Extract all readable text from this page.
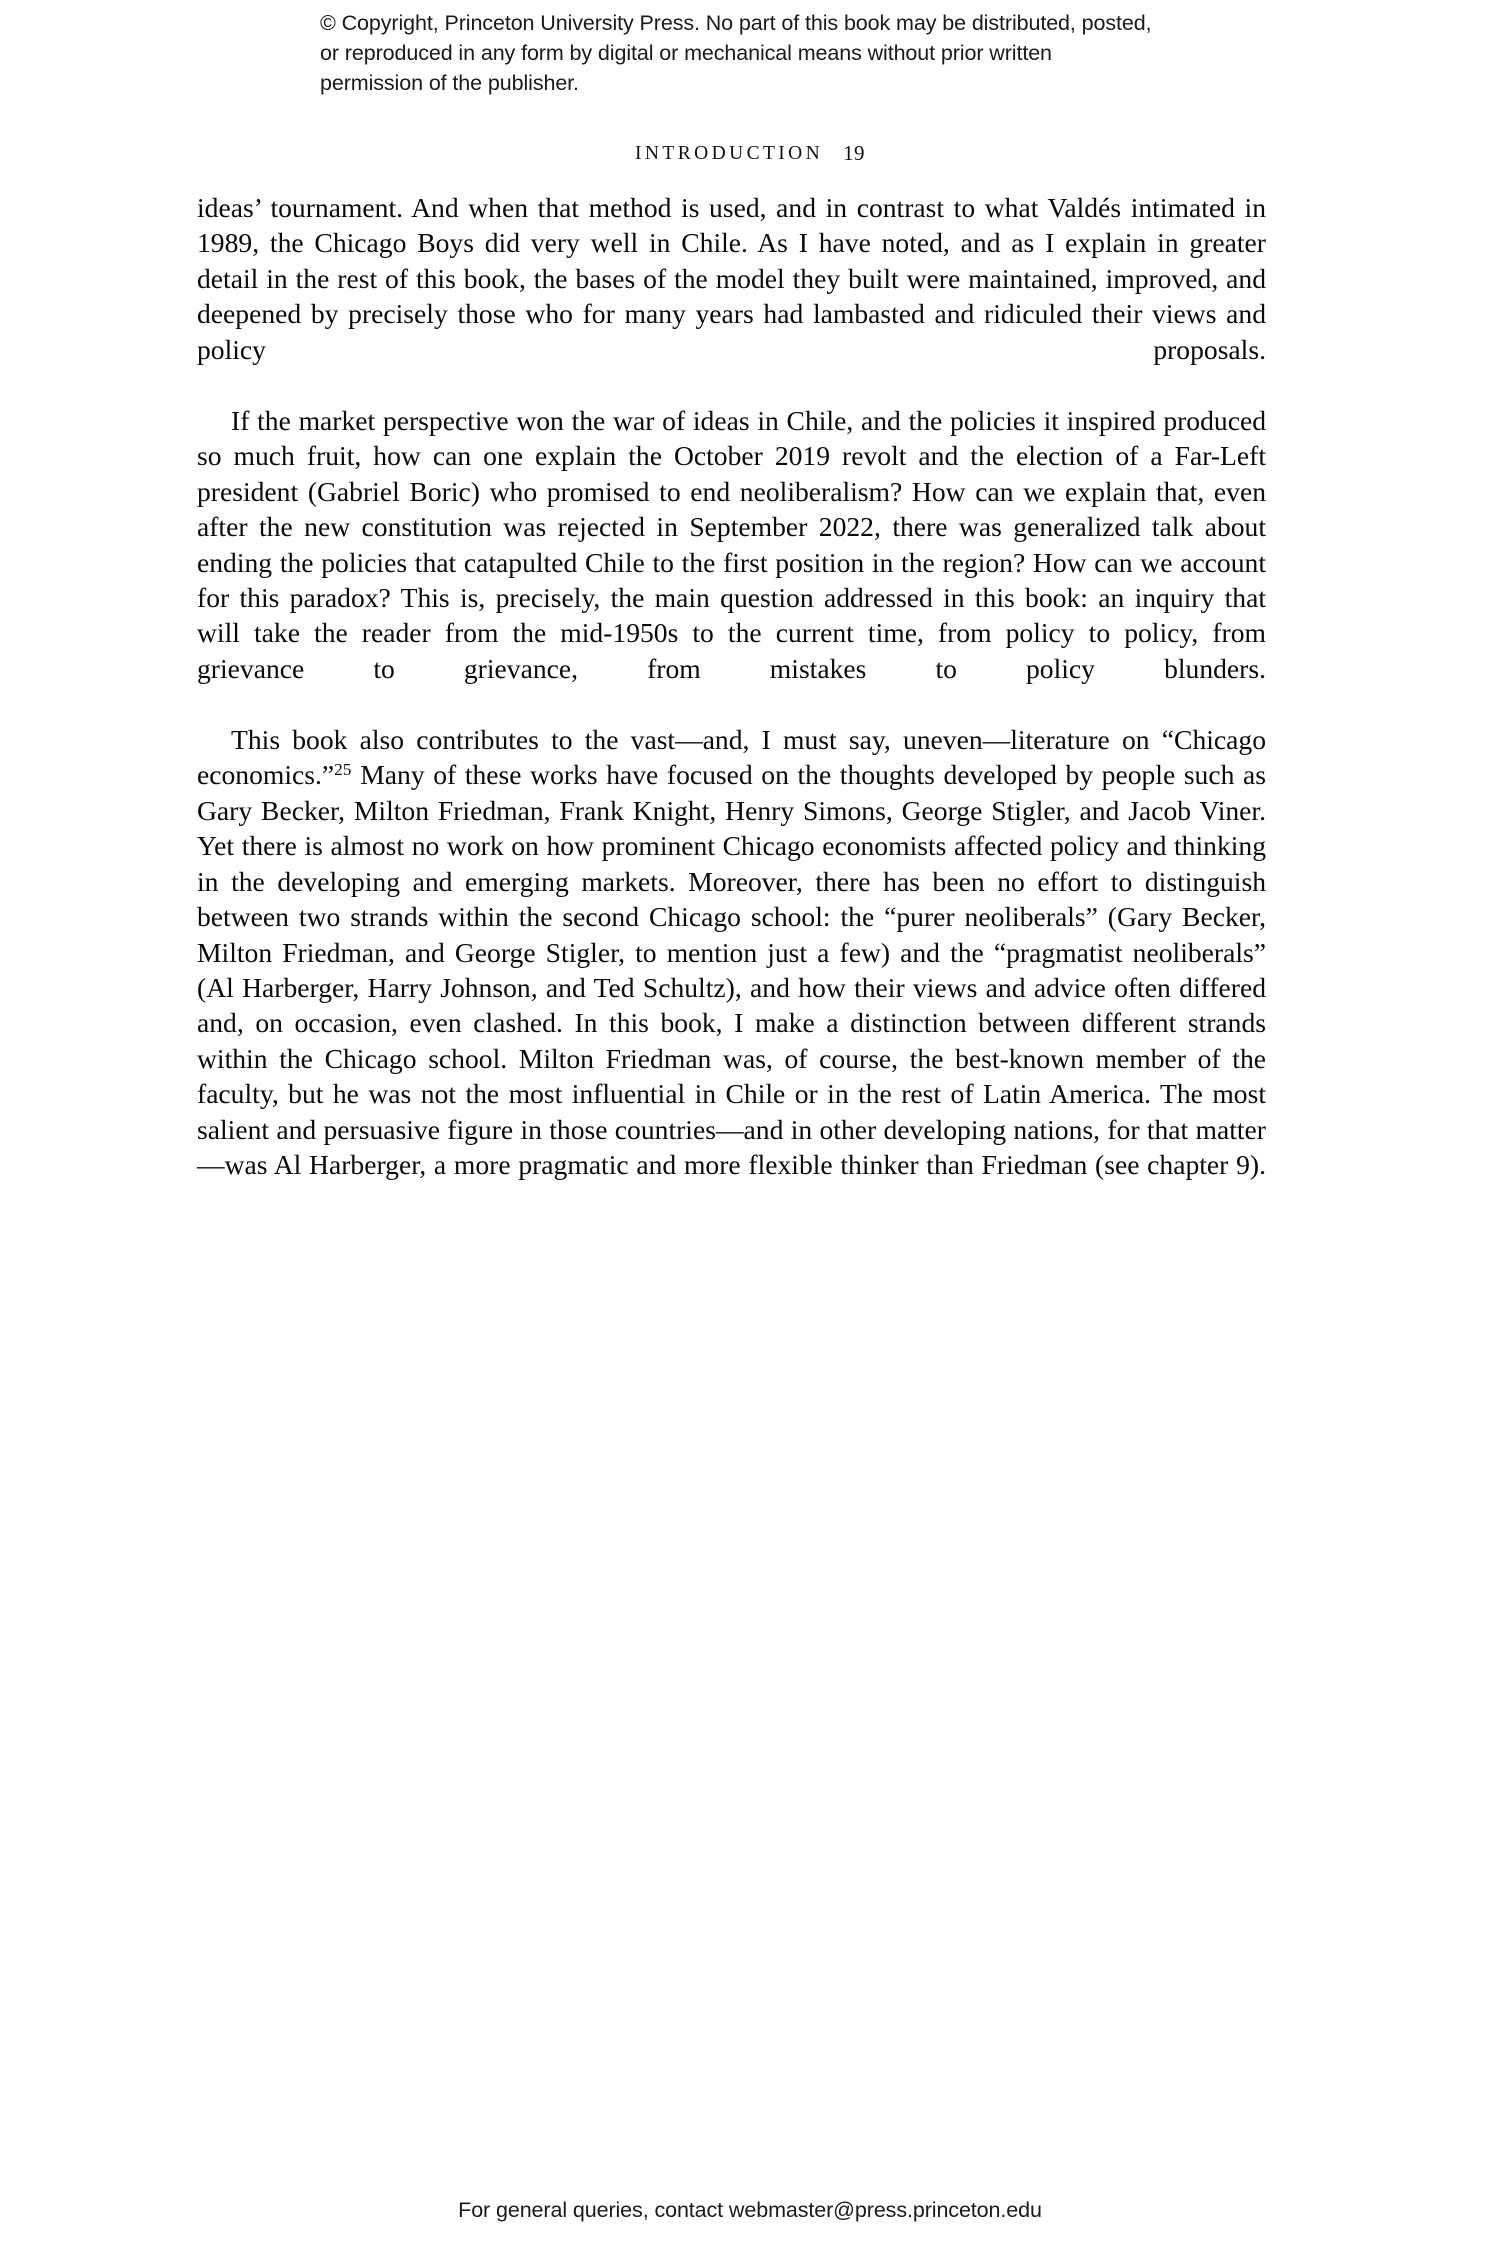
© Copyright, Princeton University Press. No part of this book may be distributed, posted, or reproduced in any form by digital or mechanical means without prior written permission of the publisher.
INTRODUCTION 19

ideas’ tournament. And when that method is used, and in contrast to what Valdés intimated in 1989, the Chicago Boys did very well in Chile. As I have noted, and as I explain in greater detail in the rest of this book, the bases of the model they built were maintained, improved, and deepened by precisely those who for many years had lambasted and ridiculed their views and policy proposals.

If the market perspective won the war of ideas in Chile, and the policies it inspired produced so much fruit, how can one explain the October 2019 revolt and the election of a Far-Left president (Gabriel Boric) who promised to end neoliberalism? How can we explain that, even after the new constitution was rejected in September 2022, there was generalized talk about ending the policies that catapulted Chile to the first position in the region? How can we account for this paradox? This is, precisely, the main question addressed in this book: an inquiry that will take the reader from the mid-1950s to the current time, from policy to policy, from grievance to grievance, from mistakes to policy blunders.

This book also contributes to the vast—and, I must say, uneven—literature on “Chicago economics.”$^{25}$ Many of these works have focused on the thoughts developed by people such as Gary Becker, Milton Friedman, Frank Knight, Henry Simons, George Stigler, and Jacob Viner. Yet there is almost no work on how prominent Chicago economists affected policy and thinking in the developing and emerging markets. Moreover, there has been no effort to distinguish between two strands within the second Chicago school: the “purer neoliberals” (Gary Becker, Milton Friedman, and George Stigler, to mention just a few) and the “pragmatist neoliberals” (Al Harberger, Harry Johnson, and Ted Schultz), and how their views and advice often differed and, on occasion, even clashed. In this book, I make a distinction between different strands within the Chicago school. Milton Friedman was, of course, the best-known member of the faculty, but he was not the most influential in Chile or in the rest of Latin America. The most salient and persuasive figure in those countries—and in other developing nations, for that matter—was Al Harberger, a more pragmatic and more flexible thinker than Friedman (see chapter 9).

For general queries, contact webmaster@press.princeton.edu
